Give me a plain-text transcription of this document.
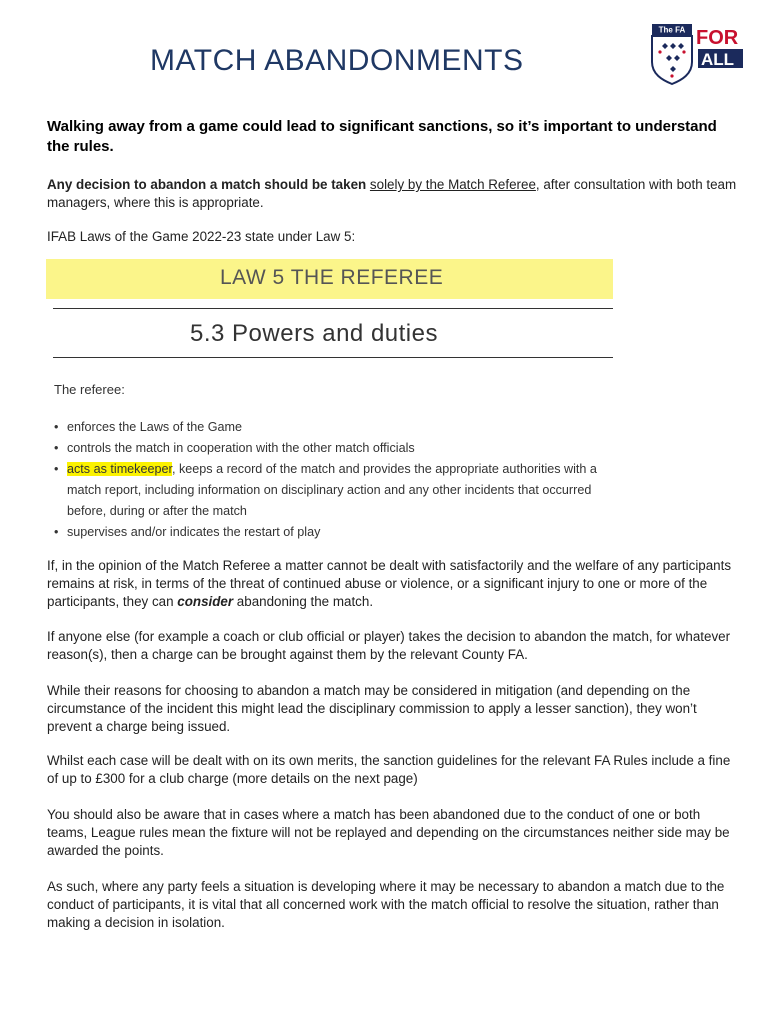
MATCH ABANDONMENTS
The FA FOR
ALL
Walking away from a game could lead to significant sanctions, so it’s important to understand the rules.
Any decision to abandon a match should be taken solely by the Match Referee, after consultation with both team managers, where this is appropriate.
IFAB Laws of the Game 2022-23 state under Law 5:
LAW 5 THE REFEREE
5.3 Powers and duties
The referee:
• enforces the Laws of the Game
• controls the match in cooperation with the other match officials
• acts as timekeeper, keeps a record of the match and provides the appropriate authorities with a match report, including information on disciplinary action and any other incidents that occurred before, during or after the match
• supervises and/or indicates the restart of play
If, in the opinion of the Match Referee a matter cannot be dealt with satisfactorily and the welfare of any participants remains at risk, in terms of the threat of continued abuse or violence, or a significant injury to one or more of the participants, they can consider abandoning the match.
If anyone else (for example a coach or club official or player) takes the decision to abandon the match, for whatever reason(s), then a charge can be brought against them by the relevant County FA.
While their reasons for choosing to abandon a match may be considered in mitigation (and depending on the circumstance of the incident this might lead the disciplinary commission to apply a lesser sanction), they won’t prevent a charge being issued.
Whilst each case will be dealt with on its own merits, the sanction guidelines for the relevant FA Rules include a fine of up to £300 for a club charge (more details on the next page)
You should also be aware that in cases where a match has been abandoned due to the conduct of one or both teams, League rules mean the fixture will not be replayed and depending on the circumstances neither side may be awarded the points.
As such, where any party feels a situation is developing where it may be necessary to abandon a match due to the conduct of participants, it is vital that all concerned work with the match official to resolve the situation, rather than making a decision in isolation.
